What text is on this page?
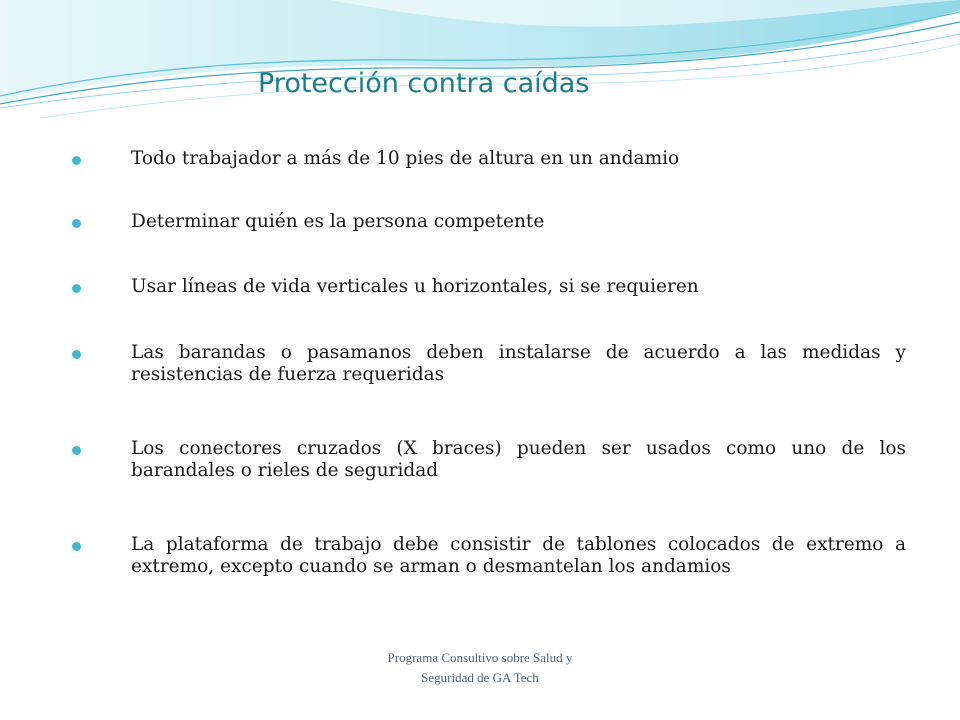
Protección contra caídas
Todo trabajador a más de 10 pies de altura en un andamio
Determinar quién es la persona competente
Usar líneas de vida verticales u horizontales, si se requieren
Las barandas o pasamanos deben instalarse de acuerdo a las medidas y resistencias de fuerza requeridas
Los conectores cruzados (X braces) pueden ser usados como uno de los barandales o rieles de seguridad
La plataforma de trabajo debe consistir de tablones colocados de extremo a extremo, excepto cuando se arman o desmantelan los andamios
Programa Consultivo sobre Salud y
Seguridad de GA Tech
